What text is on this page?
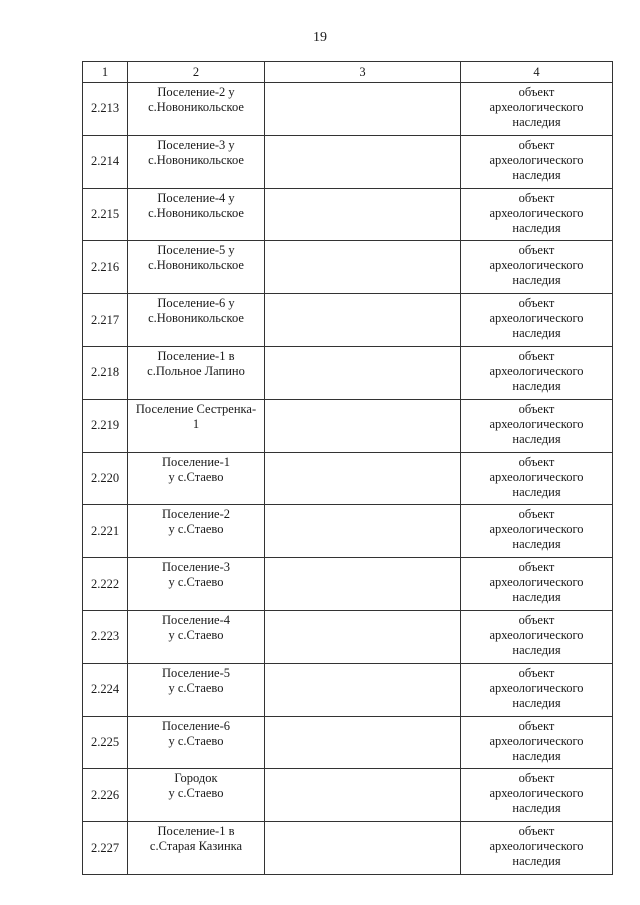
19
1	2	3	4

2.213	Поселение-2 у
с.Новоникольское		объект
археологического
наследия

2.214	Поселение-3 у
с.Новоникольское		объект
археологического
наследия

2.215	Поселение-4 у
с.Новоникольское		объект
археологического
наследия

2.216	Поселение-5 у
с.Новоникольское		объект
археологического
наследия

2.217	Поселение-6 у
с.Новоникольское		объект
археологического
наследия

2.218	Поселение-1 в
с.Польное Лапино		объект
археологического
наследия

2.219	Поселение Сестренка-
1		объект
археологического
наследия

2.220	Поселение-1
у с.Стаево		объект
археологического
наследия

2.221	Поселение-2
у с.Стаево		объект
археологического
наследия

2.222	Поселение-3
у с.Стаево		объект
археологического
наследия

2.223	Поселение-4
у с.Стаево		объект
археологического
наследия

2.224	Поселение-5
у с.Стаево		объект
археологического
наследия

2.225	Поселение-6
у с.Стаево		объект
археологического
наследия

2.226	Городок
у с.Стаево		объект
археологического
наследия

2.227	Поселение-1 в
с.Старая Казинка		объект
археологического
наследия
